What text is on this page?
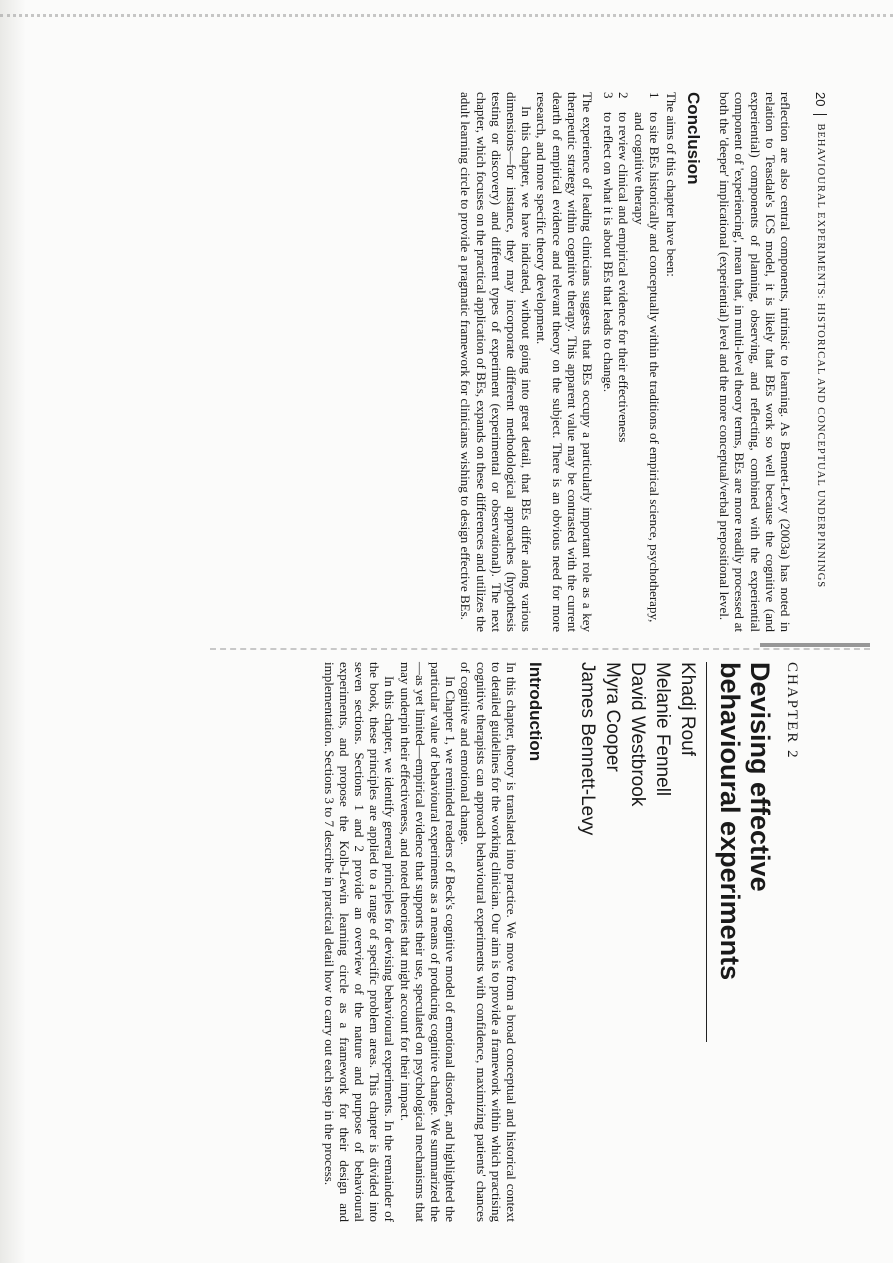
20
BEHAVIOURAL EXPERIMENTS: HISTORICAL AND CONCEPTUAL UNDERPINNINGS

reflection are also central components, intrinsic to learning. As Bennett-Levy (2003a) has noted in relation to Teasdale's ICS model, it is likely that BEs work so well because the cognitive (and experiential) components of planning, observing, and reflecting, combined with the experiential component of 'experiencing', mean that, in multi-level theory terms, BEs are more readily processed at both the 'deeper' implicational (experiential) level and the more conceptual/verbal prepositional level.

Conclusion

The aims of this chapter have been:

1
to site BEs historically and conceptually within the traditions of empirical science, psychotherapy, and cognitive therapy
2
to review clinical and empirical evidence for their effectiveness
3
to reflect on what it is about BEs that leads to change.

The experience of leading clinicians suggests that BEs occupy a particularly important role as a key therapeutic strategy within cognitive therapy. This apparent value may be contrasted with the current dearth of empirical evidence and relevant theory on the subject. There is an obvious need for more research, and more specific theory development.

In this chapter, we have indicated, without going into great detail, that BEs differ along various dimensions—for instance, they may incorporate different methodological approaches (hypothesis testing or discovery) and different types of experiment (experimental or observational). The next chapter, which focuses on the practical application of BEs, expands on these differences and utilizes the adult learning circle to provide a pragmatic framework for clinicians wishing to design effective BEs.

CHAPTER 2
Devising effective behavioural experiments

Khadj Rouf

Melanie Fennell

David Westbrook

Myra Cooper

James Bennett-Levy

Introduction

In this chapter, theory is translated into practice. We move from a broad conceptual and historical context to detailed guidelines for the working clinician. Our aim is to provide a framework within which practising cognitive therapists can approach behavioural experiments with confidence, maximizing patients' chances of cognitive and emotional change.

In Chapter 1, we reminded readers of Beck's cognitive model of emotional disorder, and highlighted the particular value of behavioural experiments as a means of producing cognitive change. We summarized the—as yet limited—empirical evidence that supports their use, speculated on psychological mechanisms that may underpin their effectiveness, and noted theories that might account for their impact.

In this chapter, we identify general principles for devising behavioural experiments. In the remainder of the book, these principles are applied to a range of specific problem areas. This chapter is divided into seven sections. Sections 1 and 2 provide an overview of the nature and purpose of behavioural experiments, and propose the Kolb-Lewin learning circle as a framework for their design and implementation. Sections 3 to 7 describe in practical detail how to carry out each step in the process.
